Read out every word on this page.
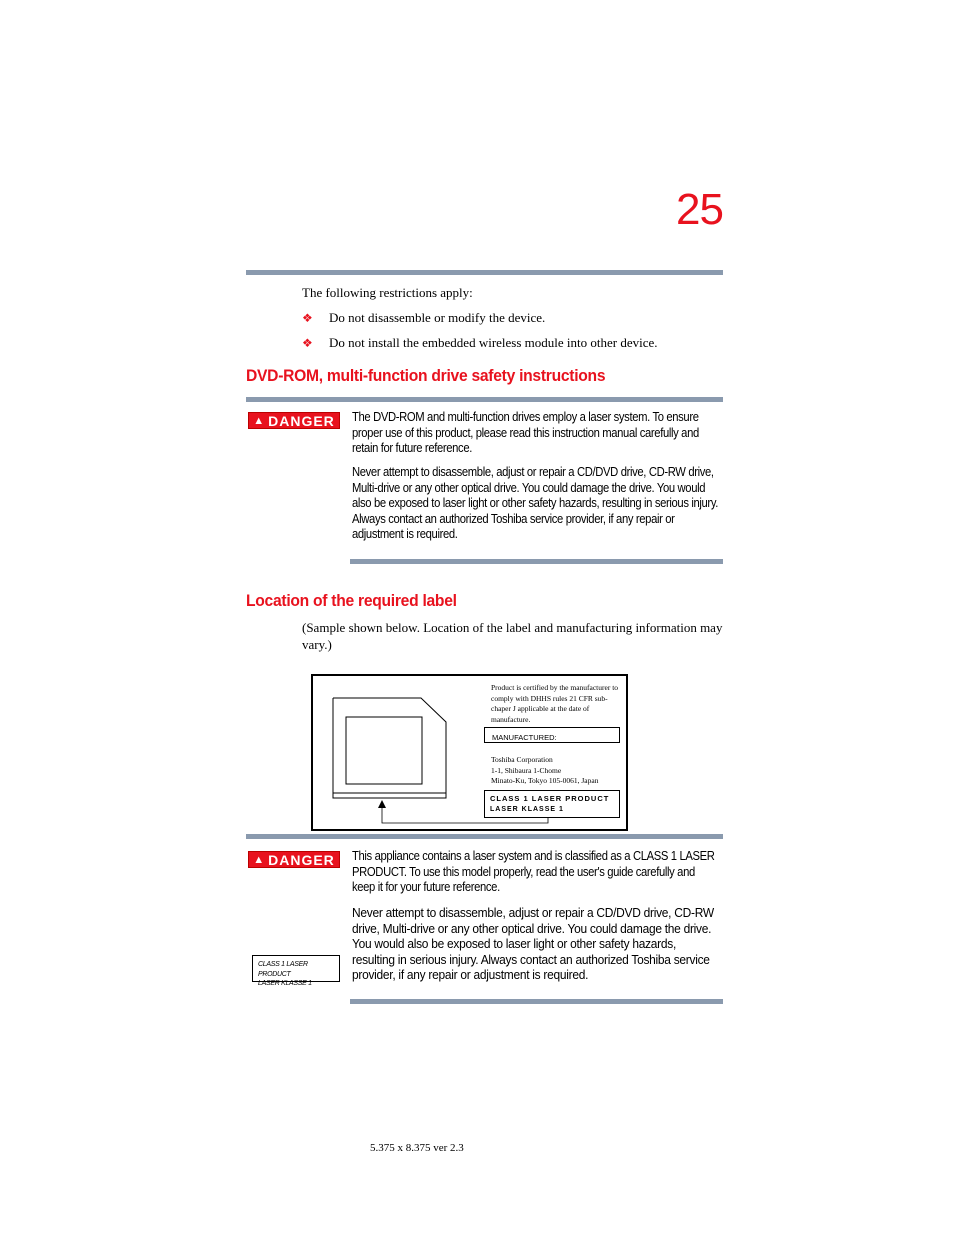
25
The following restrictions apply:
❖ Do not disassemble or modify the device.
❖ Do not install the embedded wireless module into other device.
DVD-ROM, multi-function drive safety instructions
▲ DANGER The DVD-ROM and multi-function drives employ a laser system. To ensure proper use of this product, please read this instruction manual carefully and retain for future reference.
Never attempt to disassemble, adjust or repair a CD/DVD drive, CD-RW drive, Multi-drive or any other optical drive. You could damage the drive. You would also be exposed to laser light or other safety hazards, resulting in serious injury. Always contact an authorized Toshiba service provider, if any repair or adjustment is required.
Location of the required label
(Sample shown below. Location of the label and manufacturing information may vary.)
Product is certified by the manufacturer to comply with DHHS rules 21 CFR sub-chaper J applicable at the date of manufacture.
MANUFACTURED:
Toshiba Corporation
1-1, Shibaura 1-Chome
Minato-Ku, Tokyo 105-0061, Japan
CLASS 1 LASER PRODUCT
LASER KLASSE 1
▲ DANGER This appliance contains a laser system and is classified as a CLASS 1 LASER PRODUCT. To use this model properly, read the user's guide carefully and keep it for your future reference.
Never attempt to disassemble, adjust or repair a CD/DVD drive, CD-RW drive, Multi-drive or any other optical drive. You could damage the drive. You would also be exposed to laser light or other safety hazards, resulting in serious injury. Always contact an authorized Toshiba service provider, if any repair or adjustment is required.
CLASS 1 LASER PRODUCT
LASER KLASSE 1
5.375 x 8.375 ver 2.3
